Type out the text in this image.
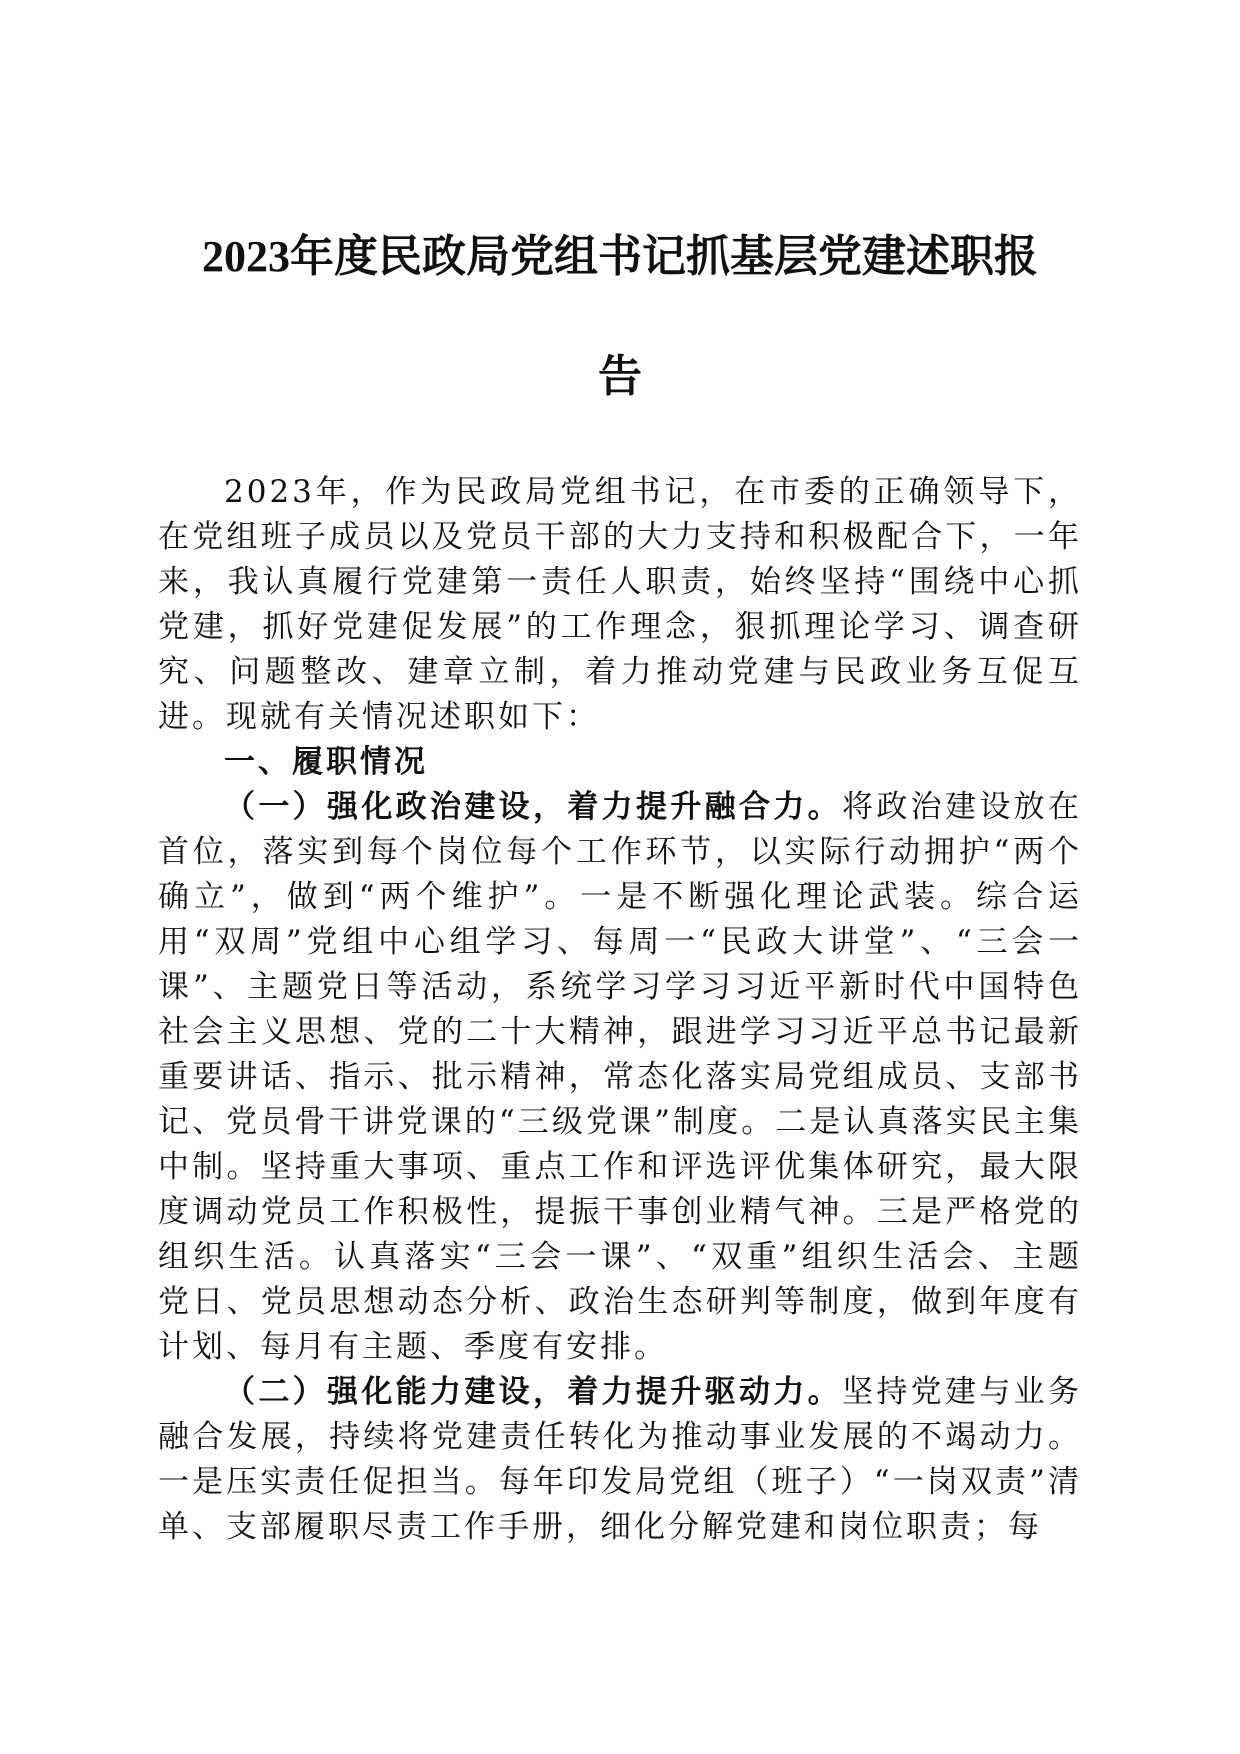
2023年度民政局党组书记抓基层党建述职报
告

2023年，作为民政局党组书记，在市委的正确领导下，在党组班子成员以及党员干部的大力支持和积极配合下，一年来，我认真履行党建第一责任人职责，始终坚持“围绕中心抓党建，抓好党建促发展”的工作理念，狠抓理论学习、调查研究、问题整改、建章立制，着力推动党建与民政业务互促互进。现就有关情况述职如下：

一、履职情况

（一）强化政治建设，着力提升融合力。将政治建设放在首位，落实到每个岗位每个工作环节，以实际行动拥护“两个确立”，做到“两个维护”。一是不断强化理论武装。综合运用“双周”党组中心组学习、每周一“民政大讲堂”、“三会一课”、主题党日等活动，系统学习学习习近平新时代中国特色社会主义思想、党的二十大精神，跟进学习习近平总书记最新重要讲话、指示、批示精神，常态化落实局党组成员、支部书记、党员骨干讲党课的“三级党课”制度。二是认真落实民主集中制。坚持重大事项、重点工作和评选评优集体研究，最大限度调动党员工作积极性，提振干事创业精气神。三是严格党的组织生活。认真落实“三会一课”、“双重”组织生活会、主题党日、党员思想动态分析、政治生态研判等制度，做到年度有计划、每月有主题、季度有安排。

（二）强化能力建设，着力提升驱动力。坚持党建与业务融合发展，持续将党建责任转化为推动事业发展的不竭动力。一是压实责任促担当。每年印发局党组（班子）“一岗双责”清单、支部履职尽责工作手册，细化分解党建和岗位职责；每
